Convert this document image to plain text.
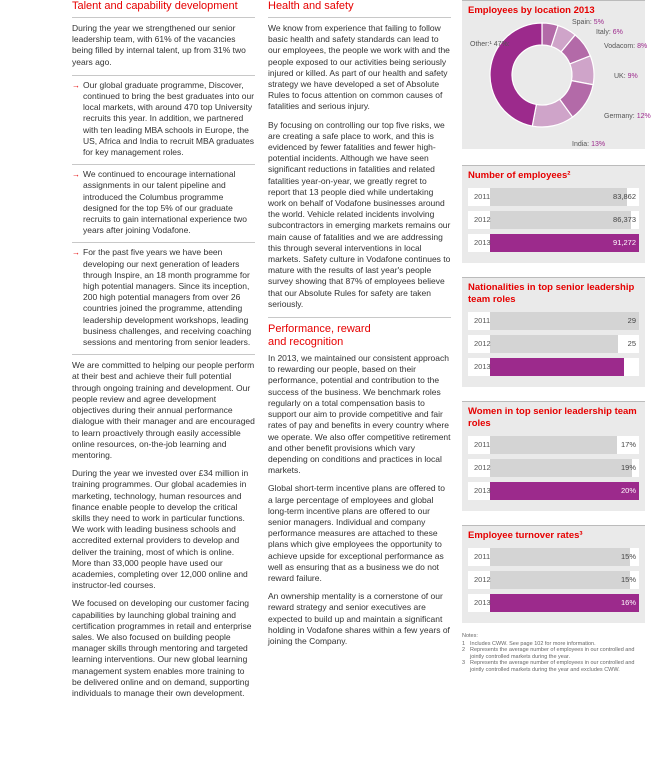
Talent and capability development

During the year we strengthened our senior leadership team, with 61% of the vacancies being filled by internal talent, up from 31% two years ago.

→ Our global graduate programme, Discover, continued to bring the best graduates into our local markets, with around 470 top University recruits this year. In addition, we partnered with ten leading MBA schools in Europe, the US, Africa and India to recruit MBA graduates for key management roles.
→ We continued to encourage international assignments in our talent pipeline and introduced the Columbus programme designed for the top 5% of our graduate recruits to gain international experience two years after joining Vodafone.
→ For the past five years we have been developing our next generation of leaders through Inspire, an 18 month programme for high potential managers. Since its inception, 200 high potential managers from over 26 countries joined the programme, attending leadership development workshops, leading business challenges, and receiving coaching sessions and mentoring from senior leaders.

We are committed to helping our people perform at their best and achieve their full potential through ongoing training and development. Our people review and agree development objectives during their annual performance dialogue with their manager and are encouraged to learn proactively through easily accessible online resources, on-the-job learning and mentoring.

During the year we invested over £34 million in training programmes. Our global academies in marketing, technology, human resources and finance enable people to develop the critical skills they need to work in particular functions. We work with leading business schools and accredited external providers to develop and deliver the training, most of which is online. More than 33,000 people have used our academies, completing over 12,000 online and instructor-led courses.

We focused on developing our customer facing capabilities by launching global training and certification programmes in retail and enterprise sales. We also focused on building people manager skills through mentoring and targeted learning interventions. Our new global learning management system enables more training to be delivered online and on demand, supporting individuals to manage their own development.

Health and safety

We know from experience that failing to follow basic health and safety standards can lead to our employees, the people we work with and the people exposed to our activities being seriously injured or killed. As part of our health and safety strategy we have developed a set of Absolute Rules to focus attention on common causes of fatalities and serious injury.

By focusing on controlling our top five risks, we are creating a safe place to work, and this is evidenced by fewer fatalities and fewer high-potential incidents. Although we have seen significant reductions in fatalities and related fatalities year-on-year, we greatly regret to report that 13 people died while undertaking work on behalf of Vodafone businesses around the world. Vehicle related incidents involving subcontractors in emerging markets remains our main cause of fatalities and we are addressing this through several interventions in local markets. Safety culture in Vodafone continues to mature with the results of last year's people survey showing that 87% of employees believe that our Absolute Rules for safety are taken seriously.

Performance, reward and recognition

In 2013, we maintained our consistent approach to rewarding our people, based on their performance, potential and contribution to the success of the business. We benchmark roles regularly on a total compensation basis to support our aim to provide competitive and fair rates of pay and benefits in every country where we operate. We also offer competitive retirement and other benefit provisions which vary depending on conditions and practices in local markets.

Global short-term incentive plans are offered to a large percentage of employees and global long-term incentive plans are offered to our senior managers. Individual and company performance measures are attached to these plans which give employees the opportunity to achieve upside for exceptional performance as well as ensuring that as a business we do not reward failure.

An ownership mentality is a cornerstone of our reward strategy and senior executives are expected to build up and maintain a significant holding in Vodafone shares within a few years of joining the Company.

Employees by location 2013
Spain: 5%
Italy: 6%
Vodacom: 8%
UK: 9%
Germany: 12%
India: 13%
Other:¹ 47%:
Number of employees²
2011	83,862
2012	86,373
2013	91,272
Nationalities in top senior leadership team roles
2011	29
2012	25
2013	26
Women in top senior leadership team roles
2011	17%
2012	19%
2013	20%
Employee turnover rates³
2011	15%
2012	15%
2013	16%
Notes:
1 Includes CWW. See page 102 for more information.
2 Represents the average number of employees in our controlled and jointly controlled markets during the year.
3 Represents the average number of employees in our controlled and jointly controlled markets during the year and excludes CWW.
